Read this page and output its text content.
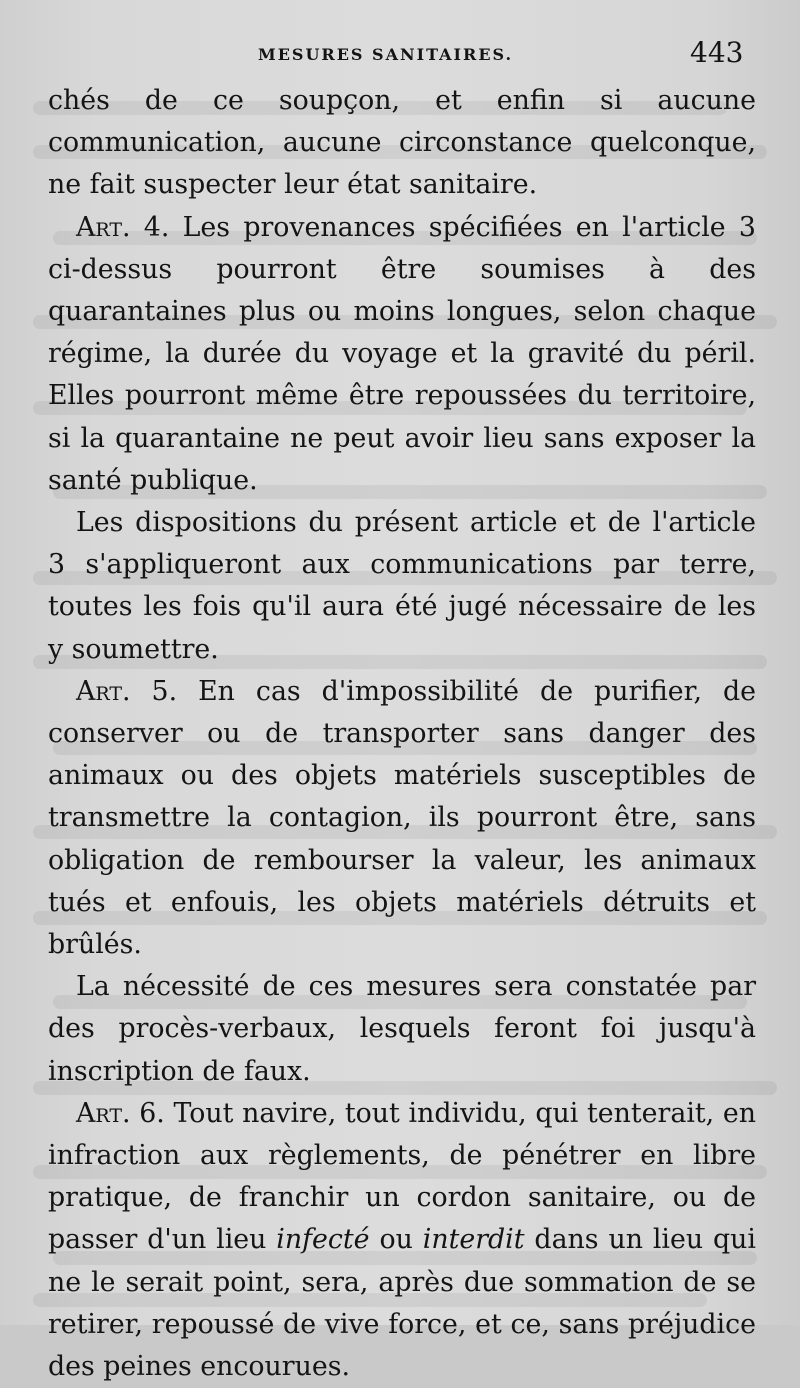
MESURES SANITAIRES.	443

chés de ce soupçon, et enfin si aucune communication, aucune circonstance quelconque, ne fait suspecter leur état sanitaire.

Art. 4. Les provenances spécifiées en l'article 3 ci-dessus pourront être soumises à des quarantaines plus ou moins longues, selon chaque régime, la durée du voyage et la gravité du péril. Elles pourront même être repoussées du territoire, si la quarantaine ne peut avoir lieu sans exposer la santé publique.

Les dispositions du présent article et de l'article 3 s'appliqueront aux communications par terre, toutes les fois qu'il aura été jugé nécessaire de les y soumettre.

Art. 5. En cas d'impossibilité de purifier, de conserver ou de transporter sans danger des animaux ou des objets matériels susceptibles de transmettre la contagion, ils pourront être, sans obligation de rembourser la valeur, les animaux tués et enfouis, les objets matériels détruits et brûlés.

La nécessité de ces mesures sera constatée par des procès-verbaux, lesquels feront foi jusqu'à inscription de faux.

Art. 6. Tout navire, tout individu, qui tenterait, en infraction aux règlements, de pénétrer en libre pratique, de franchir un cordon sanitaire, ou de passer d'un lieu infecté ou interdit dans un lieu qui ne le serait point, sera, après due sommation de se retirer, repoussé de vive force, et ce, sans préjudice des peines encourues.
